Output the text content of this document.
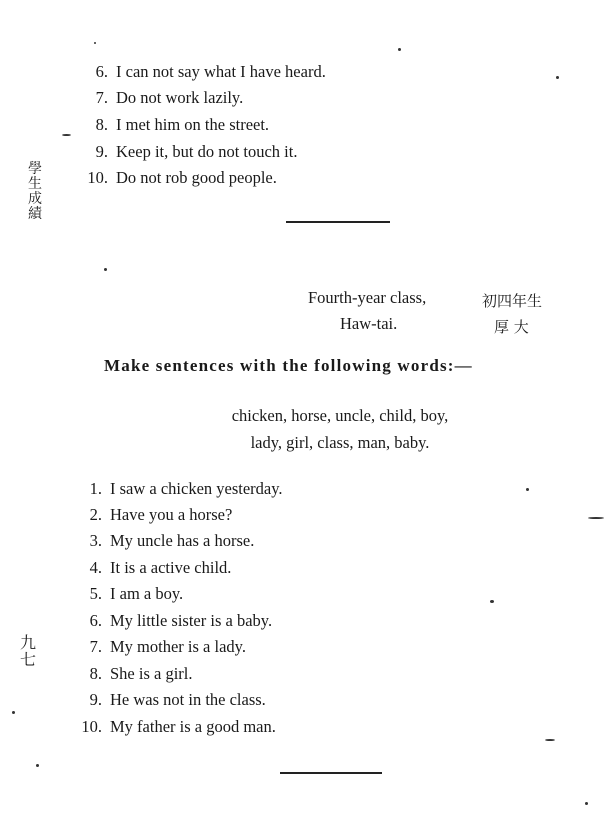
學生成績
九七
6. I can not say what I have heard.
7. Do not work lazily.
8. I met him on the street.
9. Keep it, but do not touch it.
10. Do not rob good people.
Fourth-year class,	初四年生
Haw-tai.	厚 大
Make sentences with the following words:—
chicken, horse, uncle, child, boy,
lady, girl, class, man, baby.
1. I saw a chicken yesterday.
2. Have you a horse?
3. My uncle has a horse.
4. It is a active child.
5. I am a boy.
6. My little sister is a baby.
7. My mother is a lady.
8. She is a girl.
9. He was not in the class.
10. My father is a good man.
